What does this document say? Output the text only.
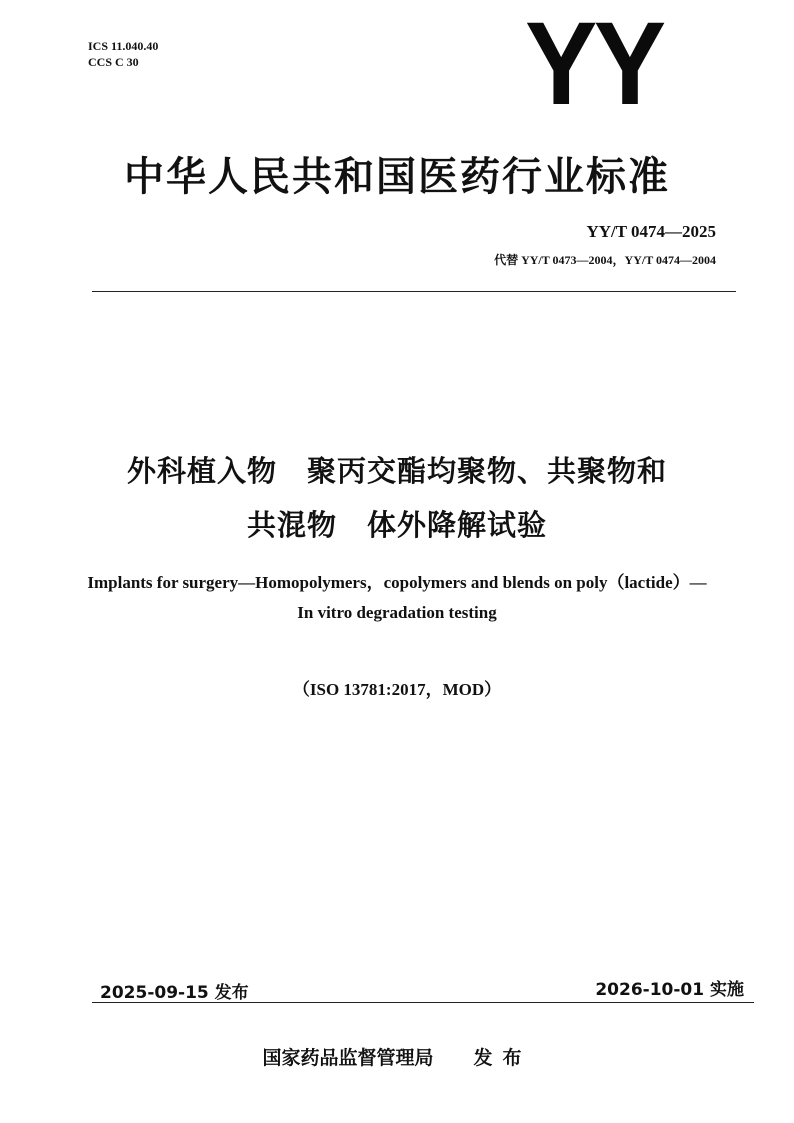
ICS 11.040.40
CCS C 30	YY
中华人民共和国医药行业标准
YY/T 0474—2025
代替 YY/T 0473—2004，YY/T 0474—2004
外科植入物 聚丙交酯均聚物、共聚物和
共混物 体外降解试验
Implants for surgery—Homopolymers，copolymers and blends on poly（lactide）—
In vitro degradation testing
（ISO 13781:2017，MOD）
2025-09-15 发布	2026-10-01 实施
国家药品监督管理局 发布
